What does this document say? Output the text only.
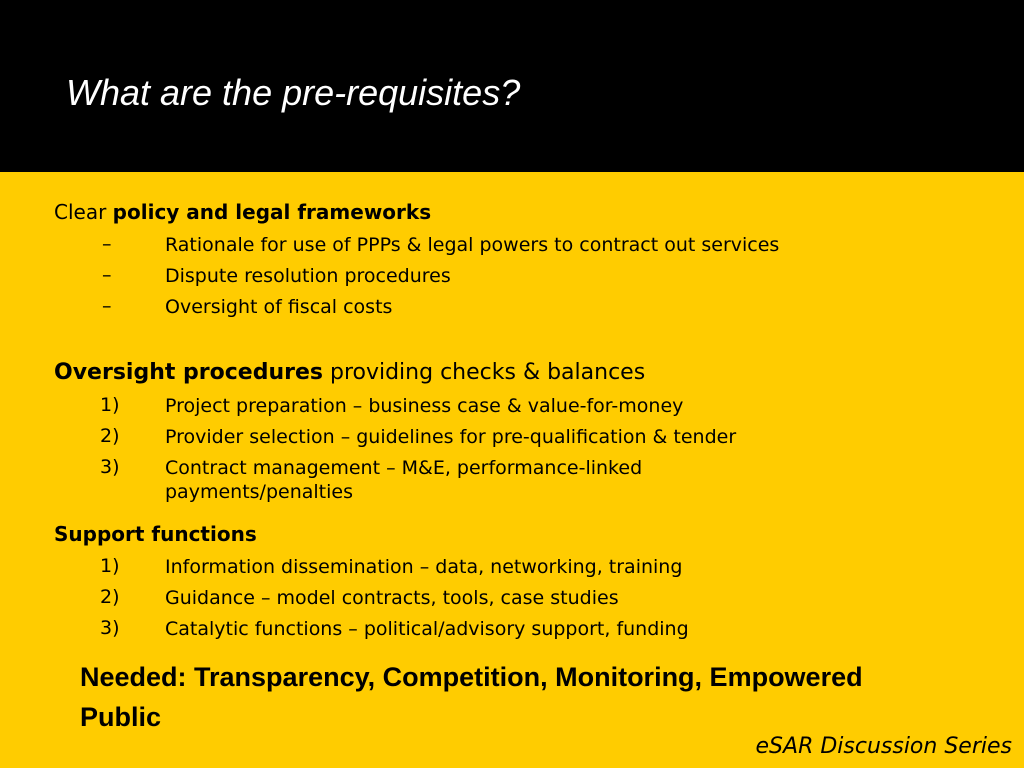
What are the pre-requisites?
Clear policy and legal frameworks
–	Rationale for use of PPPs & legal powers to contract out services
–	Dispute resolution procedures
–	Oversight of fiscal costs
Oversight procedures providing checks & balances
1)	Project preparation – business case & value-for-money
2)	Provider selection – guidelines for pre-qualification & tender
3)	Contract management – M&E, performance-linked payments/penalties
Support functions
1)	Information dissemination – data, networking, training
2)	Guidance – model contracts, tools, case studies
3)	Catalytic functions – political/advisory support, funding
Needed: Transparency, Competition, Monitoring, Empowered Public
eSAR Discussion Series
